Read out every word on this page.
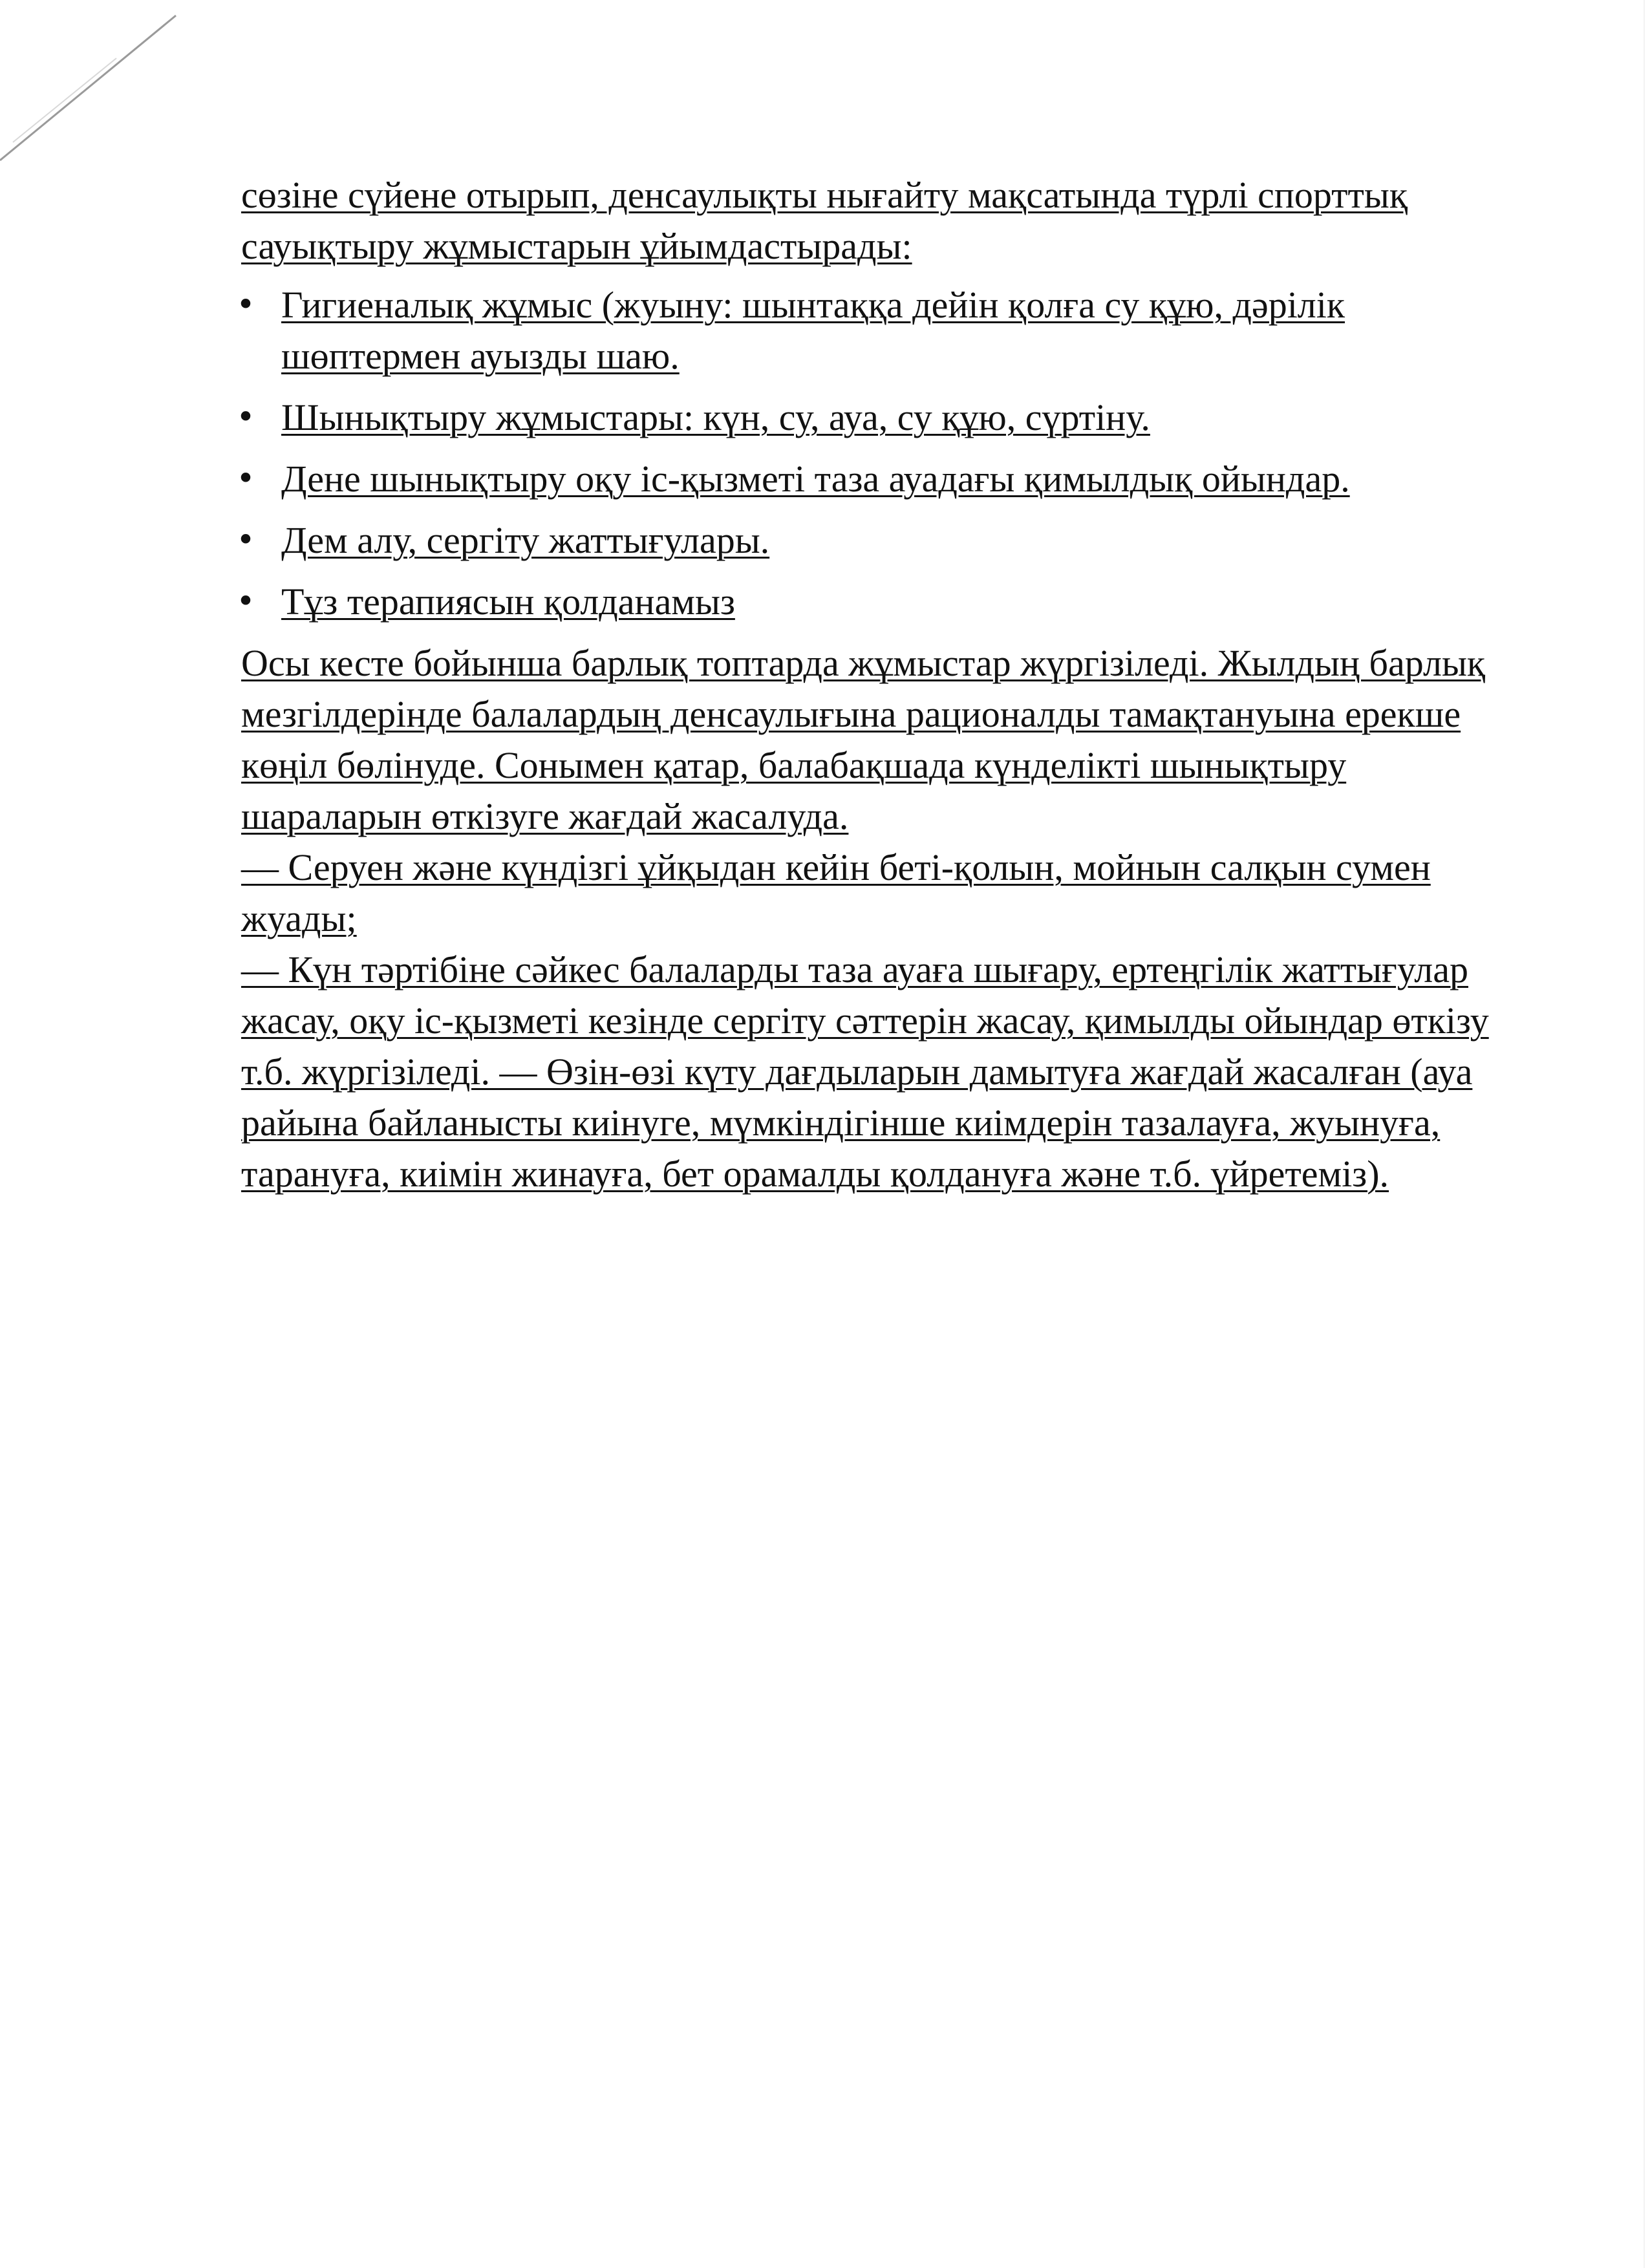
сөзіне сүйене отырып, денсаулықты нығайту мақсатында түрлі спорттық сауықтыру жұмыстарын ұйымдастырады:

• Гигиеналық жұмыс (жуыну: шынтаққа дейін қолға су құю, дәрілік шөптермен ауызды шаю.
• Шынықтыру жұмыстары: күн, су, ауа, су құю, сүртіну.
• Дене шынықтыру оқу іс-қызметі таза ауадағы қимылдық ойындар.
• Дем алу, сергіту жаттығулары.
• Тұз терапиясын қолданамыз

Осы кесте бойынша барлық топтарда жұмыстар жүргізіледі. Жылдың барлық мезгілдерінде балалардың денсаулығына рационалды тамақтануына ерекше көңіл бөлінуде. Сонымен қатар, балабақшада күнделікті шынықтыру шараларын өткізуге жағдай жасалуда.

— Серуен және күндізгі ұйқыдан кейін беті-қолын, мойнын салқын сумен жуады;

— Күн тәртібіне сәйкес балаларды таза ауаға шығару, ертеңгілік жаттығулар жасау, оқу іс-қызметі кезінде сергіту сәттерін жасау, қимылды ойындар өткізу т.б. жүргізіледі. — Өзін-өзі күту дағдыларын дамытуға жағдай жасалған (ауа райына байланысты киінуге, мүмкіндігінше киімдерін тазалауға, жуынуға, тарануға, киімін жинауға, бет орамалды қолдануға және т.б. үйретеміз).
